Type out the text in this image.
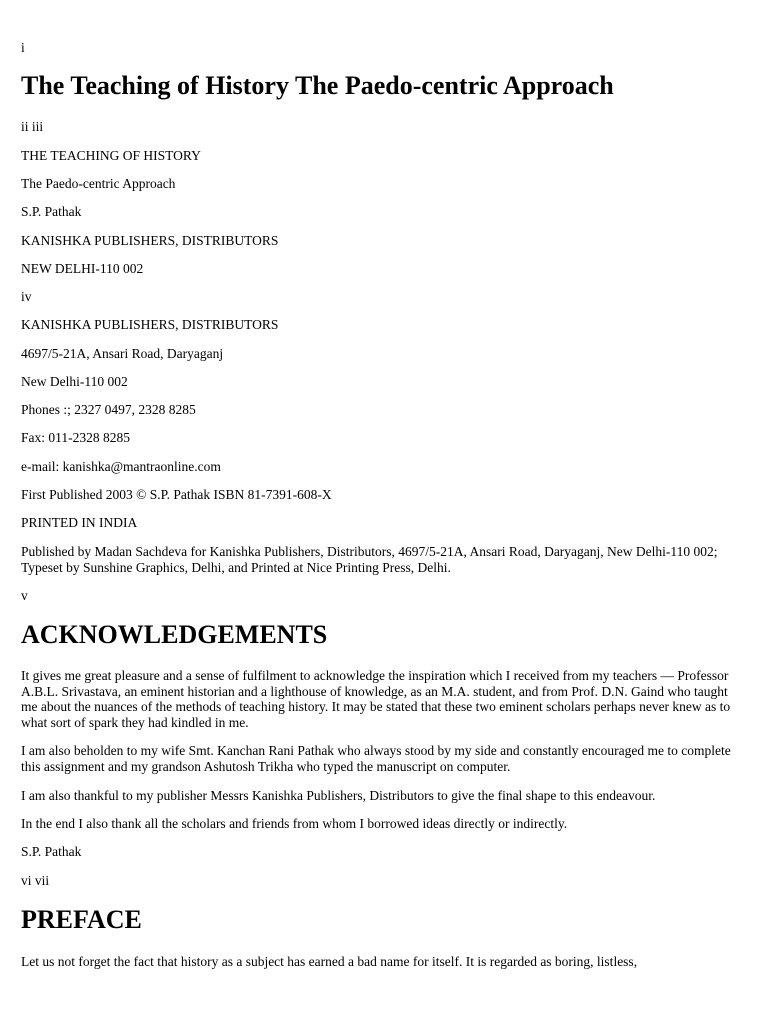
i
The Teaching of History The Paedo-centric Approach
ii iii
THE TEACHING OF HISTORY
The Paedo-centric Approach
S.P. Pathak
KANISHKA PUBLISHERS, DISTRIBUTORS
NEW DELHI-110 002
iv
KANISHKA PUBLISHERS, DISTRIBUTORS
4697/5-21A, Ansari Road, Daryaganj
New Delhi-110 002
Phones :; 2327 0497, 2328 8285
Fax: 011-2328 8285
e-mail: kanishka@mantraonline.com
First Published 2003 © S.P. Pathak ISBN 81-7391-608-X
PRINTED IN INDIA
Published by Madan Sachdeva for Kanishka Publishers, Distributors, 4697/5-21A, Ansari Road, Daryaganj, New Delhi-110 002; Typeset by Sunshine Graphics, Delhi, and Printed at Nice Printing Press, Delhi.
v
ACKNOWLEDGEMENTS
It gives me great pleasure and a sense of fulfilment to acknowledge the inspiration which I received from my teachers — Professor A.B.L. Srivastava, an eminent historian and a lighthouse of knowledge, as an M.A. student, and from Prof. D.N. Gaind who taught me about the nuances of the methods of teaching history. It may be stated that these two eminent scholars perhaps never knew as to what sort of spark they had kindled in me.
I am also beholden to my wife Smt. Kanchan Rani Pathak who always stood by my side and constantly encouraged me to complete this assignment and my grandson Ashutosh Trikha who typed the manuscript on computer.
I am also thankful to my publisher Messrs Kanishka Publishers, Distributors to give the final shape to this endeavour.
In the end I also thank all the scholars and friends from whom I borrowed ideas directly or indirectly.
S.P. Pathak
vi vii
PREFACE
Let us not forget the fact that history as a subject has earned a bad name for itself. It is regarded as boring, listless,
